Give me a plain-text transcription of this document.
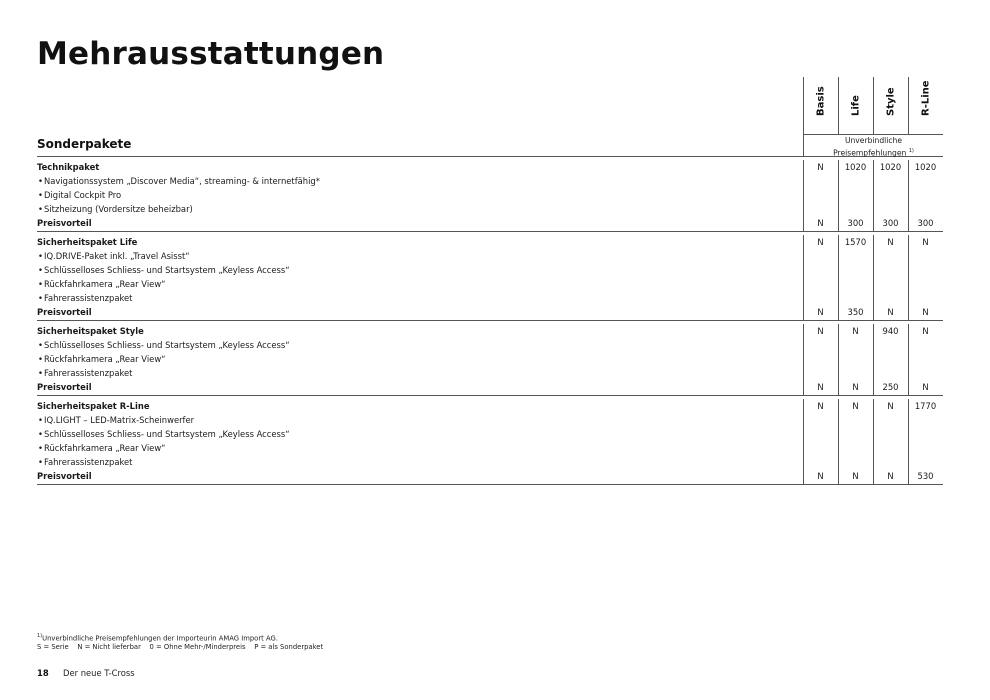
Mehrausstattungen
Sonderpakete
Basis Life Style R-Line
Unverbindliche
Preisempfehlungen $^{1)}$
Technikpaket	N	1020	1020	1020
• Navigationssystem „Discover Media“, streaming- & internetfähig*
• Digital Cockpit Pro
• Sitzheizung (Vordersitze beheizbar)
Preisvorteil	N	300	300	300
Sicherheitspaket Life	N	1570	N	N
• IQ.DRIVE-Paket inkl. „Travel Asisst“
• Schlüsselloses Schliess- und Startsystem „Keyless Access“
• Rückfahrkamera „Rear View“
• Fahrerassistenzpaket
Preisvorteil	N	350	N	N
Sicherheitspaket Style	N	N	940	N
• Schlüsselloses Schliess- und Startsystem „Keyless Access“
• Rückfahrkamera „Rear View“
• Fahrerassistenzpaket
Preisvorteil	N	N	250	N
Sicherheitspaket R-Line	N	N	N	1770
• IQ.LIGHT – LED-Matrix-Scheinwerfer
• Schlüsselloses Schliess- und Startsystem „Keyless Access“
• Rückfahrkamera „Rear View“
• Fahrerassistenzpaket
Preisvorteil	N	N	N	530
$^{1)}$Unverbindliche Preisempfehlungen der Importeurin AMAG Import AG.
S = Serie    N = Nicht lieferbar    0 = Ohne Mehr-/Minderpreis    P = als Sonderpaket
18 Der neue T-Cross
